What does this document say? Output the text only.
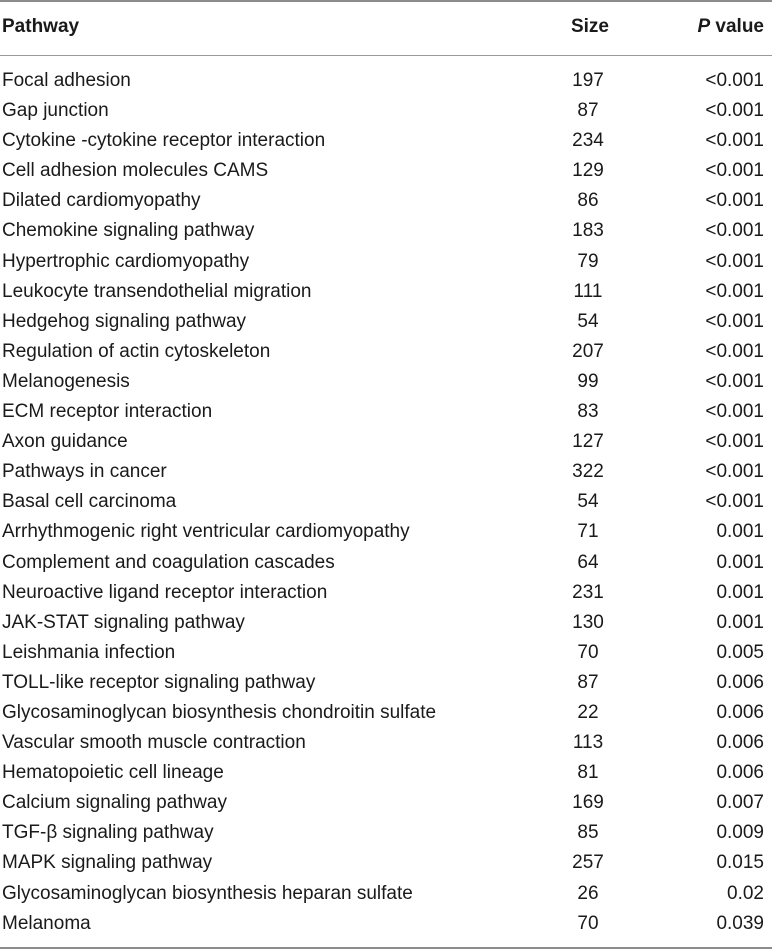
Pathway	Size	P value
Focal adhesion	197	<0.001
Gap junction	87	<0.001
Cytokine -cytokine receptor interaction	234	<0.001
Cell adhesion molecules CAMS	129	<0.001
Dilated cardiomyopathy	86	<0.001
Chemokine signaling pathway	183	<0.001
Hypertrophic cardiomyopathy	79	<0.001
Leukocyte transendothelial migration	111	<0.001
Hedgehog signaling pathway	54	<0.001
Regulation of actin cytoskeleton	207	<0.001
Melanogenesis	99	<0.001
ECM receptor interaction	83	<0.001
Axon guidance	127	<0.001
Pathways in cancer	322	<0.001
Basal cell carcinoma	54	<0.001
Arrhythmogenic right ventricular cardiomyopathy	71	0.001
Complement and coagulation cascades	64	0.001
Neuroactive ligand receptor interaction	231	0.001
JAK-STAT signaling pathway	130	0.001
Leishmania infection	70	0.005
TOLL-like receptor signaling pathway	87	0.006
Glycosaminoglycan biosynthesis chondroitin sulfate	22	0.006
Vascular smooth muscle contraction	113	0.006
Hematopoietic cell lineage	81	0.006
Calcium signaling pathway	169	0.007
TGF-β signaling pathway	85	0.009
MAPK signaling pathway	257	0.015
Glycosaminoglycan biosynthesis heparan sulfate	26	0.02
Melanoma	70	0.039
